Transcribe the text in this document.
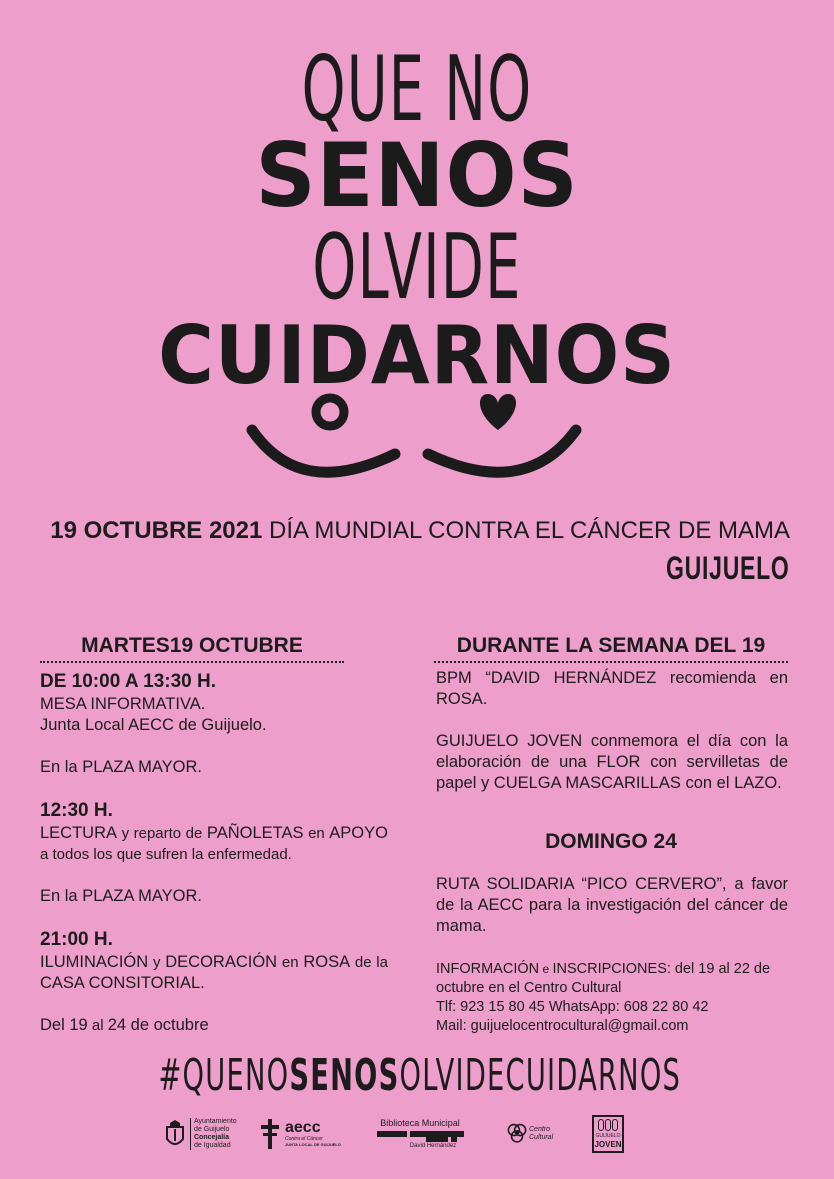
QUE NO
SENOS
OLVIDE
CUIDARNOS
19 OCTUBRE 2021 DÍA MUNDIAL CONTRA EL CÁNCER DE MAMA
GUIJUELO
MARTES19 OCTUBRE	DURANTE LA SEMANA DEL 19
DE 10:00 A 13:30 H.

MESA INFORMATIVA.
Junta Local AECC de Guijuelo.

En la PLAZA MAYOR.

12:30 H.

LECTURA y reparto de PAÑOLETAS en APOYO a todos los que sufren la enfermedad.

En la PLAZA MAYOR.

21:00 H.

ILUMINACIÓN y DECORACIÓN en ROSA de la CASA CONSITORIAL.

Del 19 al 24 de octubre

BPM “DAVID HERNÁNDEZ recomienda en ROSA.

GUIJUELO JOVEN conmemora el día con la elaboración de una FLOR con servilletas de papel y CUELGA MASCARILLAS con el LAZO.

DOMINGO 24
RUTA SOLIDARIA “PICO CERVERO”, a favor de la AECC para la investigación del cáncer de mama.
INFORMACIÓN e INSCRIPCIONES: del 19 al 22 de octubre en el Centro Cultural
Tlf: 923 15 80 45 WhatsApp: 608 22 80 42
Mail: guijuelocentrocultural@gmail.com
#QUENOSENOSOLVIDECUIDARNOS
Ayuntamiento
de Guijuelo
Concejalía
de Igualdad
aecc
Contra el Cáncer
JUNTA LOCAL DE GUIJUELO
Biblioteca Municipal
David Hernández
Centro Cultural	GUIJUELO
JOVEN
